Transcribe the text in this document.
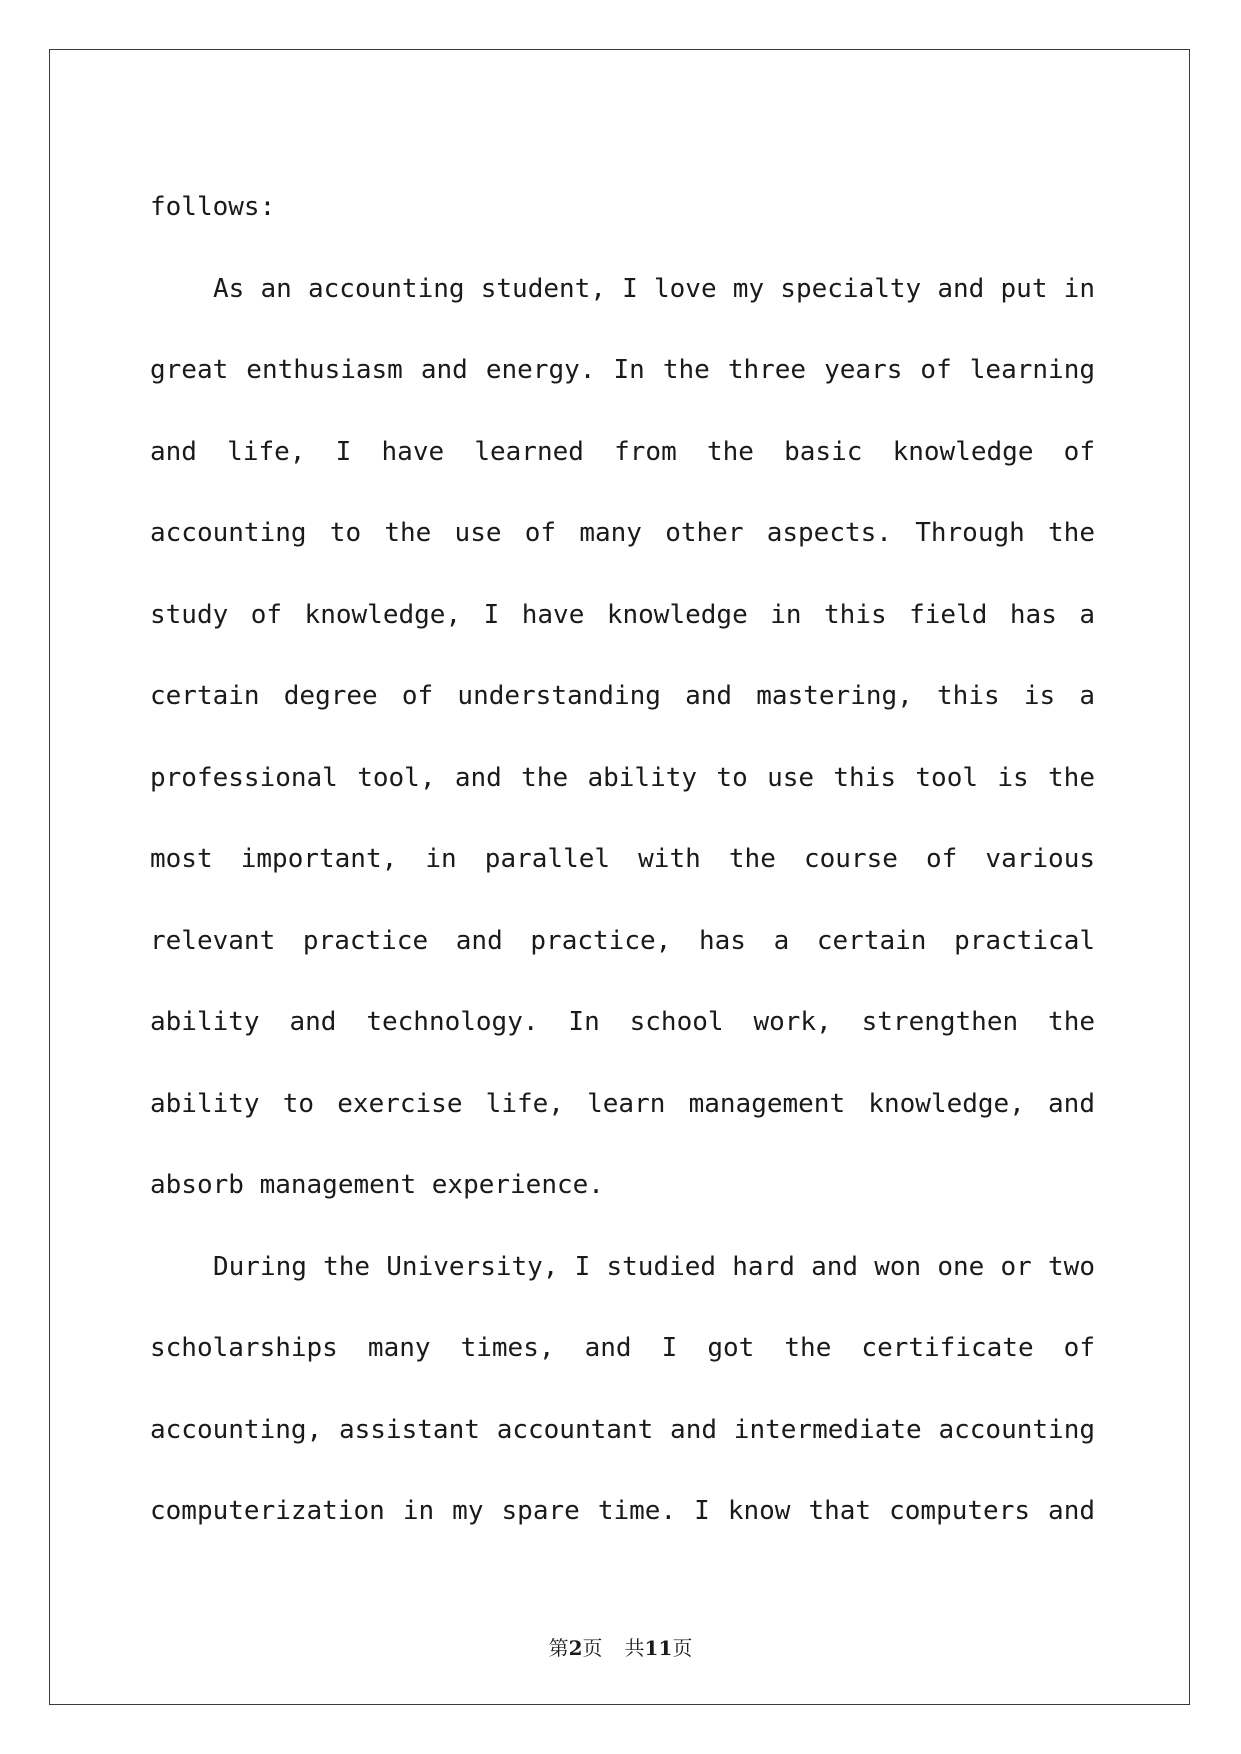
follows:
As an accounting student, I love my specialty and put in
great enthusiasm and energy. In the three years of learning
and life, I have learned from the basic knowledge of
accounting to the use of many other aspects. Through the
study of knowledge, I have knowledge in this field has a
certain degree of understanding and mastering, this is a
professional tool, and the ability to use this tool is the
most important, in parallel with the course of various
relevant practice and practice, has a certain practical
ability and technology. In school work, strengthen the
ability to exercise life, learn management knowledge, and
absorb management experience.
During the University, I studied hard and won one or two
scholarships many times, and I got the certificate of
accounting, assistant accountant and intermediate accounting
computerization in my spare time. I know that computers and
第2页 共11页
